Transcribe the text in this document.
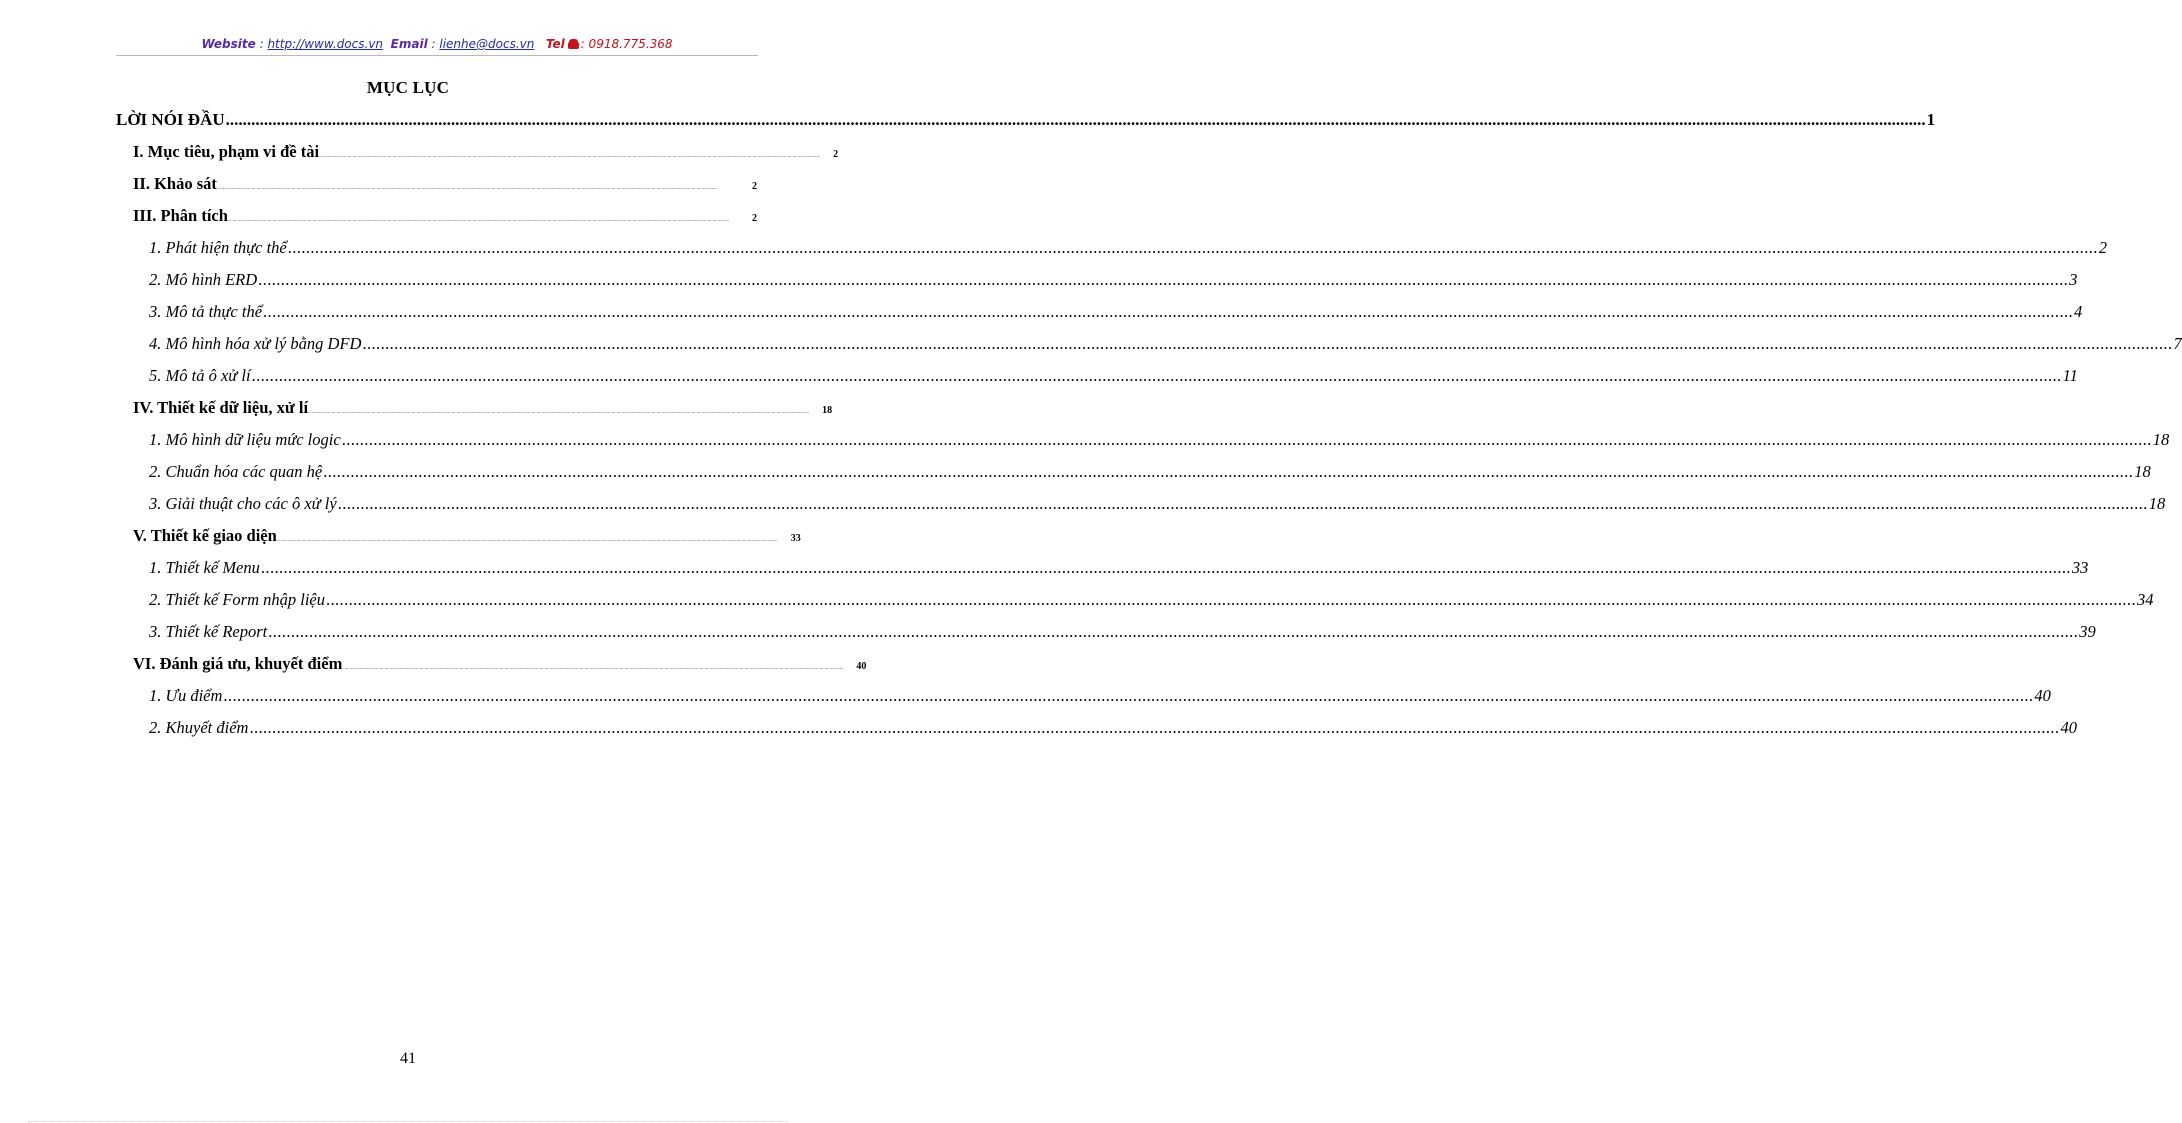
Website : http://www.docs.vn Email : lienhe@docs.vn Tel : 0918.775.368
MỤC LỤC
LỜI NÓI ĐẦU ................................................................................................................................................................................................................................................................................................................................................................................................................ 1
I. Mục tiêu, phạm vi đề tài ................................................................................................................................................................................................................................................................................................................................................................................................................	2
II. Khảo sát ................................................................................................................................................................................................................................................................................................................................................................................................................	2
III. Phân tích ................................................................................................................................................................................................................................................................................................................................................................................................................	2
1. Phát hiện thực thể ................................................................................................................................................................................................................................................................................................................................................................................................................ 2
2. Mô hình ERD ................................................................................................................................................................................................................................................................................................................................................................................................................ 3
3. Mô tả thực thể ................................................................................................................................................................................................................................................................................................................................................................................................................ 4
4. Mô hình hóa xử lý bằng DFD ................................................................................................................................................................................................................................................................................................................................................................................................................ 7
5. Mô tả ô xử lí ................................................................................................................................................................................................................................................................................................................................................................................................................ 11
IV. Thiết kế dữ liệu, xử lí ................................................................................................................................................................................................................................................................................................................................................................................................................	18
1. Mô hình dữ liệu mức logic ................................................................................................................................................................................................................................................................................................................................................................................................................ 18
2. Chuẩn hóa các quan hệ ................................................................................................................................................................................................................................................................................................................................................................................................................ 18
3. Giải thuật cho các ô xử lý ................................................................................................................................................................................................................................................................................................................................................................................................................ 18
V. Thiết kế giao diện ................................................................................................................................................................................................................................................................................................................................................................................................................	33
1. Thiết kế Menu ................................................................................................................................................................................................................................................................................................................................................................................................................ 33
2. Thiết kế Form nhập liệu ................................................................................................................................................................................................................................................................................................................................................................................................................ 34
3. Thiết kế Report ................................................................................................................................................................................................................................................................................................................................................................................................................ 39
VI. Đánh giá ưu, khuyết điểm ................................................................................................................................................................................................................................................................................................................................................................................................................	40
1. Ưu điểm ................................................................................................................................................................................................................................................................................................................................................................................................................ 40
2. Khuyết điểm ................................................................................................................................................................................................................................................................................................................................................................................................................ 40
41
